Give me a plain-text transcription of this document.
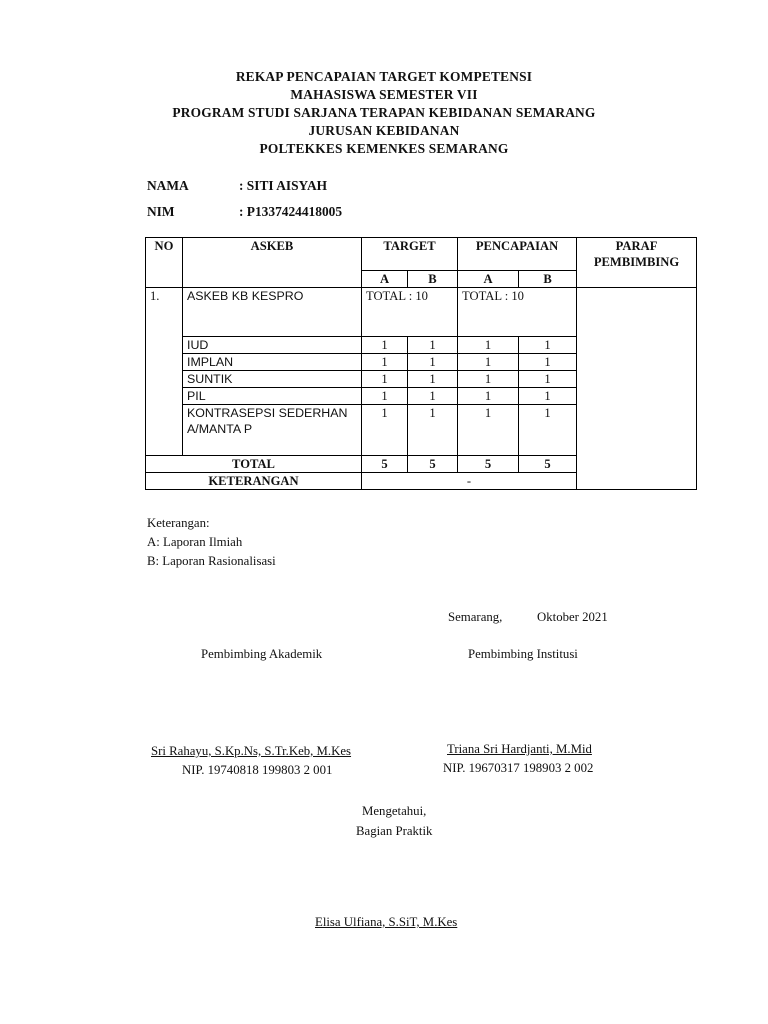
REKAP PENCAPAIAN TARGET KOMPETENSI
MAHASISWA SEMESTER VII
PROGRAM STUDI SARJANA TERAPAN KEBIDANAN SEMARANG
JURUSAN KEBIDANAN
POLTEKKES KEMENKES SEMARANG
NAMA	: SITI AISYAH
NIM	: P1337424418005
NO	ASKEB	TARGET		PENCAPAIAN		PARAF PEMBIMBING
		A	B	A	B	
1.	ASKEB KB KESPRO	TOTAL : 10		TOTAL : 10		
	IUD	1	1	1	1	
	IMPLAN	1	1	1	1	
	SUNTIK	1	1	1	1	
	PIL	1	1	1	1	
	KONTRASEPSI SEDERHANA/MANTA P	1	1	1	1	
TOTAL		5	5	5	5	
KETERANGAN		-				
Keterangan:
A: Laporan Ilmiah
B: Laporan Rasionalisasi
Semarang,	Oktober 2021
Pembimbing Akademik	Pembimbing Institusi
Sri Rahayu, S.Kp.Ns, S.Tr.Keb, M.Kes
NIP. 19740818 199803 2 001
Triana Sri Hardjanti, M.Mid
NIP. 19670317 198903 2 002
Mengetahui,
Bagian Praktik
Elisa Ulfiana, S.SiT, M.Kes
